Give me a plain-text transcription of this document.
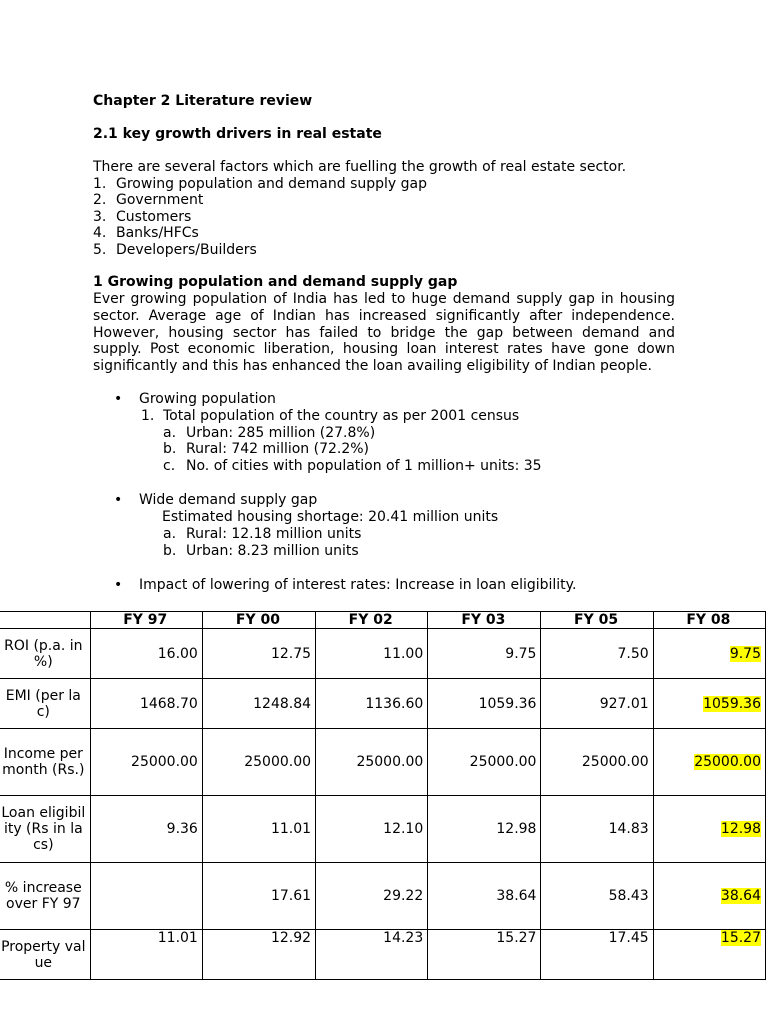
Chapter 2 Literature review
2.1 key growth drivers in real estate
There are several factors which are fuelling the growth of real estate sector.
1. Growing population and demand supply gap
2. Government
3. Customers
4. Banks/HFCs
5. Developers/Builders
1 Growing population and demand supply gap
Ever growing population of India has led to huge demand supply gap in housing sector. Average age of Indian has increased significantly after independence. However, housing sector has failed to bridge the gap between demand and supply. Post economic liberation, housing loan interest rates have gone down significantly and this has enhanced the loan availing eligibility of Indian people.
• Growing population
1. Total population of the country as per 2001 census
a. Urban: 285 million (27.8%)
b. Rural: 742 million (72.2%)
c. No. of cities with population of 1 million+ units: 35
• Wide demand supply gap
Estimated housing shortage: 20.41 million units
a. Rural: 12.18 million units
b. Urban: 8.23 million units
• Impact of lowering of interest rates: Increase in loan eligibility.
	FY 97	FY 00	FY 02	FY 03	FY 05	FY 08
ROI (p.a. in %)	16.00	12.75	11.00	9.75	7.50	9.75
EMI (per lac)	1468.70	1248.84	1136.60	1059.36	927.01	1059.36
Income per month (Rs.)	25000.00	25000.00	25000.00	25000.00	25000.00	25000.00
Loan eligibility (Rs in lacs)	9.36	11.01	12.10	12.98	14.83	12.98
% increase over FY 97		17.61	29.22	38.64	58.43	38.64
Property value	11.01	12.92	14.23	15.27	17.45	15.27
